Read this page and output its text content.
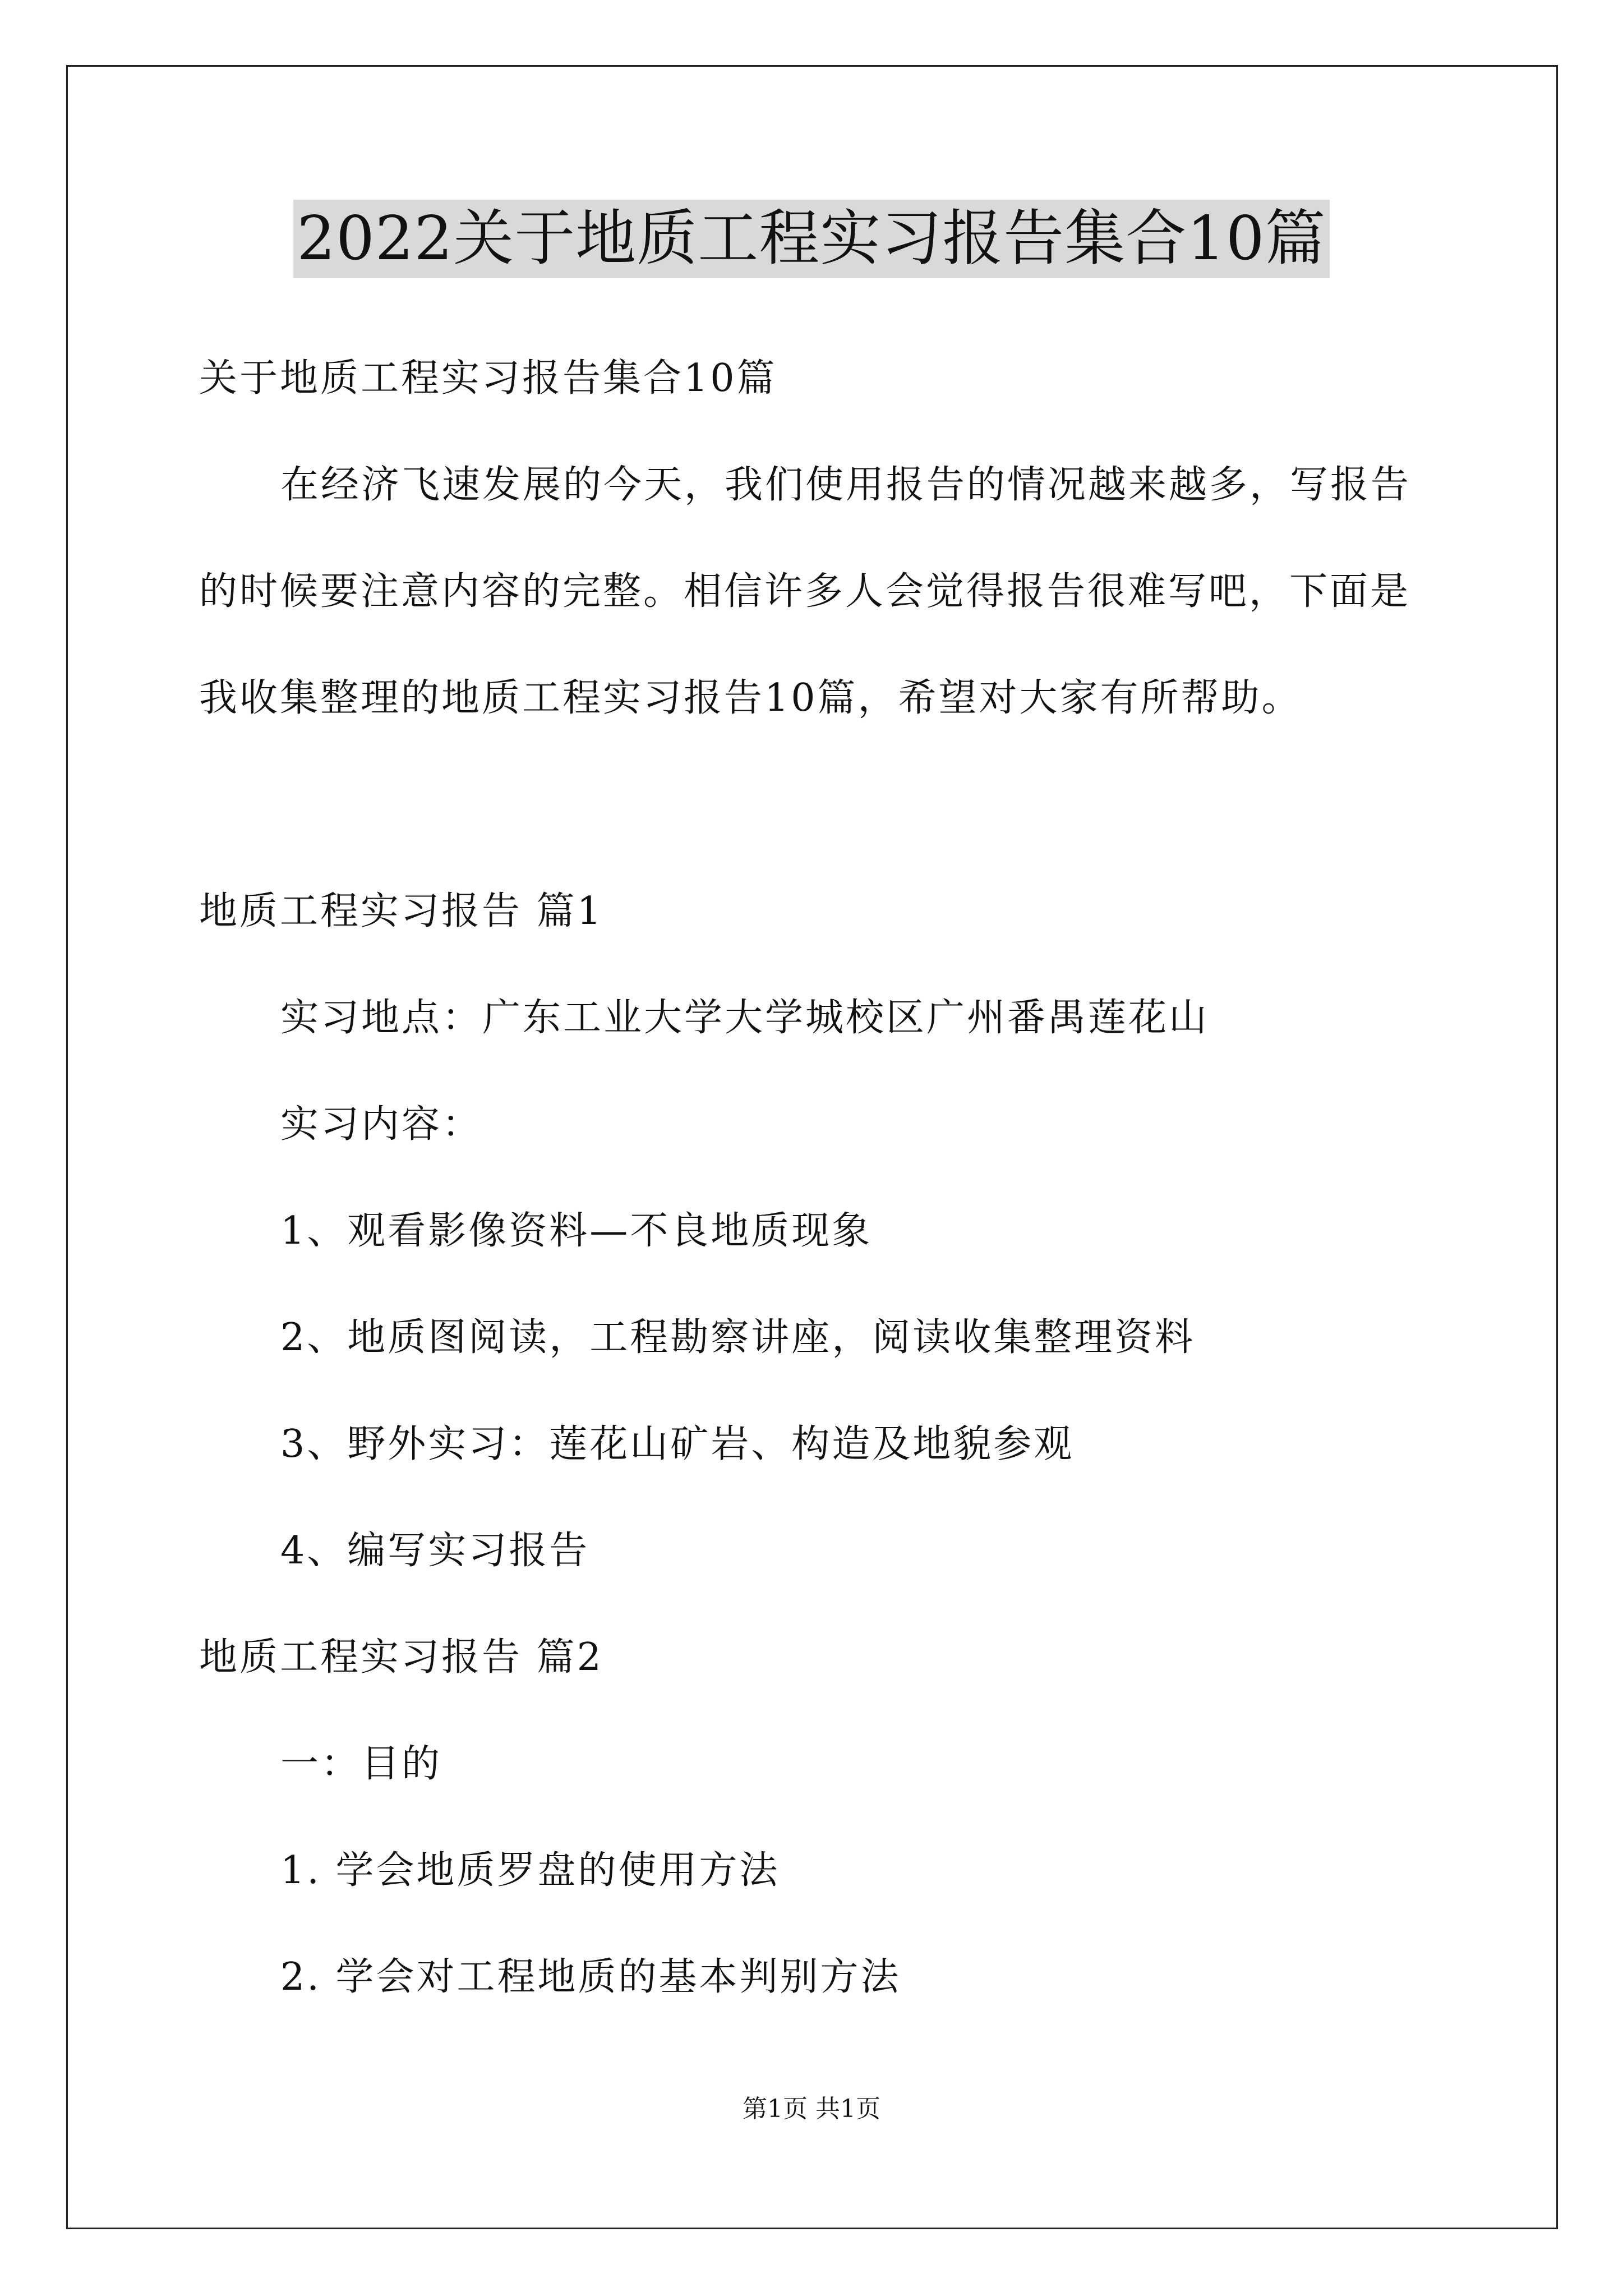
2022关于地质工程实习报告集合10篇
关于地质工程实习报告集合10篇
在经济飞速发展的今天，我们使用报告的情况越来越多，写报告
的时候要注意内容的完整。相信许多人会觉得报告很难写吧，下面是
我收集整理的地质工程实习报告10篇，希望对大家有所帮助。
地质工程实习报告 篇1
实习地点：广东工业大学大学城校区广州番禺莲花山
实习内容：
1、观看影像资料—不良地质现象
2、地质图阅读，工程勘察讲座，阅读收集整理资料
3、野外实习：莲花山矿岩、构造及地貌参观
4、编写实习报告
地质工程实习报告 篇2
一：目的
1. 学会地质罗盘的使用方法
2. 学会对工程地质的基本判别方法
第1页 共1页
